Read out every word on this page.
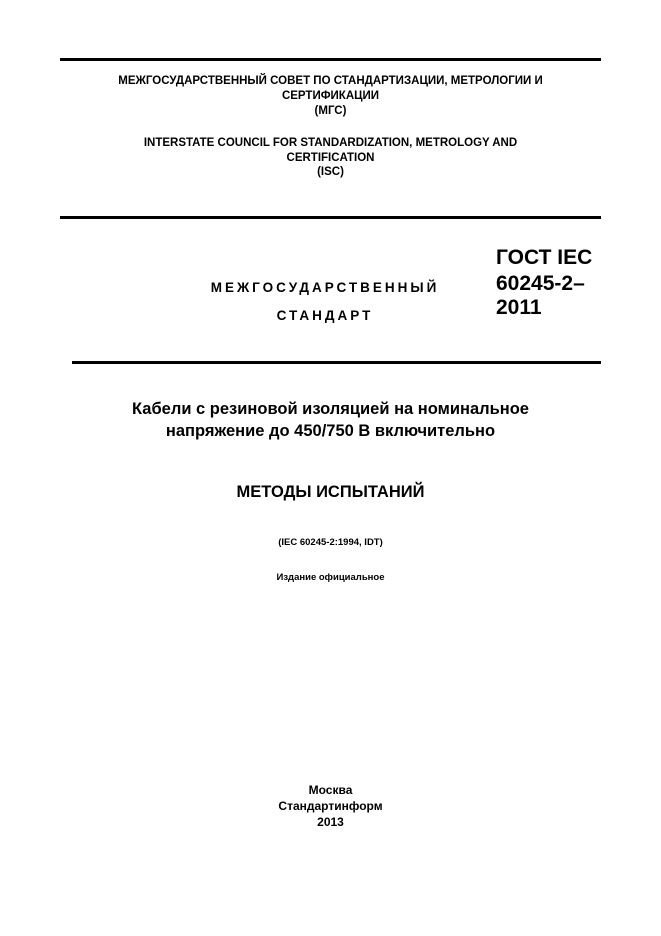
МЕЖГОСУДАРСТВЕННЫЙ СОВЕТ ПО СТАНДАРТИЗАЦИИ, МЕТРОЛОГИИ И
СЕРТИФИКАЦИИ
(МГС)
INTERSTATE COUNCIL FOR STANDARDIZATION, METROLOGY AND
CERTIFICATION
(ISC)
МЕЖГОСУДАРСТВЕННЫЙ
СТАНДАРТ
ГОСТ IEC
60245-2–
2011
Кабели с резиновой изоляцией на номинальное
напряжение до 450/750 В включительно
МЕТОДЫ ИСПЫТАНИЙ
(IEC 60245-2:1994, IDT)
Издание официальное
Москва
Стандартинформ
2013
